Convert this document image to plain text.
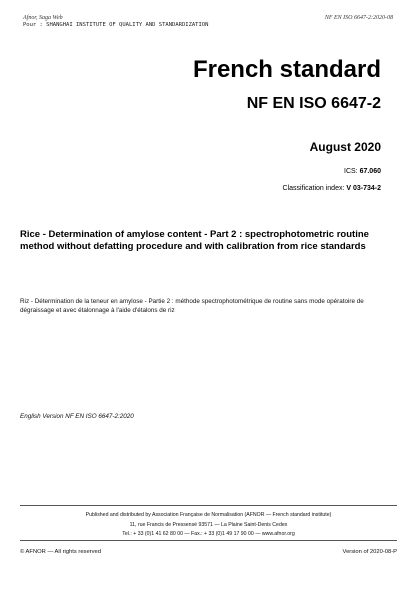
Afnor, Saga Web
Pour : SHANGHAI INSTITUTE OF QUALITY AND STANDARDIZATION
NF EN ISO 6647-2:2020-08
French standard
NF EN ISO 6647-2
August 2020
ICS: 67.060
Classification index: V 03-734-2
Rice - Determination of amylose content - Part 2 : spectrophotometric routine method without defatting procedure and with calibration from rice standards
Riz - Détermination de la teneur en amylose - Partie 2 : méthode spectrophotométrique de routine sans mode opératoire de dégraissage et avec étalonnage à l'aide d'étalons de riz
English Version NF EN ISO 6647-2:2020
Published and distributed by Association Française de Normalisation (AFNOR — French standard institute)
11, rue Francis de Pressensé 93571 — La Plaine Saint-Denis Cedex
Tel.: + 33 (0)1 41 62 80 00 — Fax.: + 33 (0)1 49 17 90 00 — www.afnor.org
© AFNOR — All rights reserved	Version of 2020-08-P
